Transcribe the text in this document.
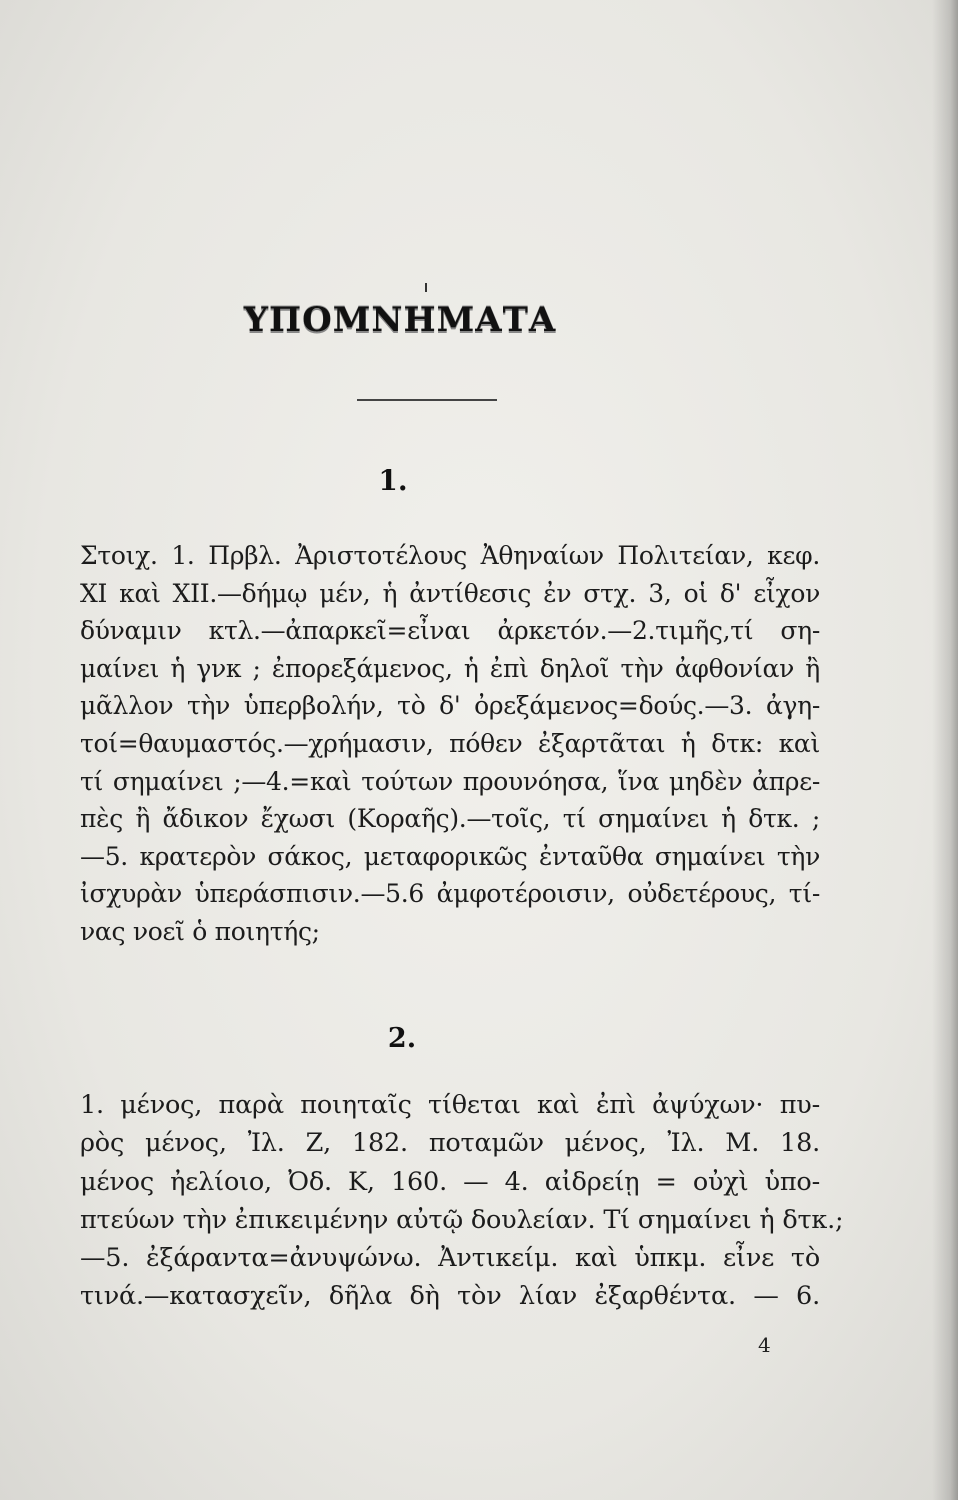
ΥΠΟΜΝΗΜΑΤΑ
1.
Στοιχ. 1. Πρβλ. Ἀριστοτέλους Ἀθηναίων Πολιτείαν, κεφ.
XI καὶ XII.—δήμῳ μέν, ἡ ἀντίθεσις ἐν στχ. 3, οἱ δ' εἶχον
δύναμιν κτλ.—ἀπαρκεῖ=εἶναι ἀρκετόν.—2.τιμῆς,τί ση-
μαίνει ἡ γνκ ; ἐπορεξάμενος, ἡ ἐπὶ δηλοῖ τὴν ἀφθονίαν ἢ
μᾶλλον τὴν ὑπερβολήν, τὸ δ' ὀρεξάμενος=δούς.—3. ἀγη-
τοί=θαυμαστός.—χρήμασιν, πόθεν ἐξαρτᾶται ἡ δτκ: καὶ
τί σημαίνει ;—4.=καὶ τούτων προυνόησα, ἵνα μηδὲν ἀπρε-
πὲς ἢ ἄδικον ἔχωσι (Κοραῆς).—τοῖς, τί σημαίνει ἡ δτκ. ;
—5. κρατερὸν σάκος, μεταφορικῶς ἐνταῦθα σημαίνει τὴν
ἰσχυρὰν ὑπεράσπισιν.—5.6 ἀμφοτέροισιν, οὐδετέρους, τί-
νας νοεῖ ὁ ποιητής;
2.
1. μένος, παρὰ ποιηταῖς τίθεται καὶ ἐπὶ ἀψύχων· πυ-
ρὸς μένος, Ἰλ. Ζ, 182. ποταμῶν μένος, Ἰλ. Μ. 18.
μένος ἠελίοιο, Ὀδ. Κ, 160. — 4. αἰδρείῃ = οὐχὶ ὑπο-
πτεύων τὴν ἐπικειμένην αὐτῷ δουλείαν. Τί σημαίνει ἡ δτκ.;
—5. ἐξάραντα=ἀνυψώνω. Ἀντικείμ. καὶ ὑπκμ. εἶνε τὸ
τινά.—κατασχεῖν, δῆλα δὴ τὸν λίαν ἐξαρθέντα. — 6.
4
